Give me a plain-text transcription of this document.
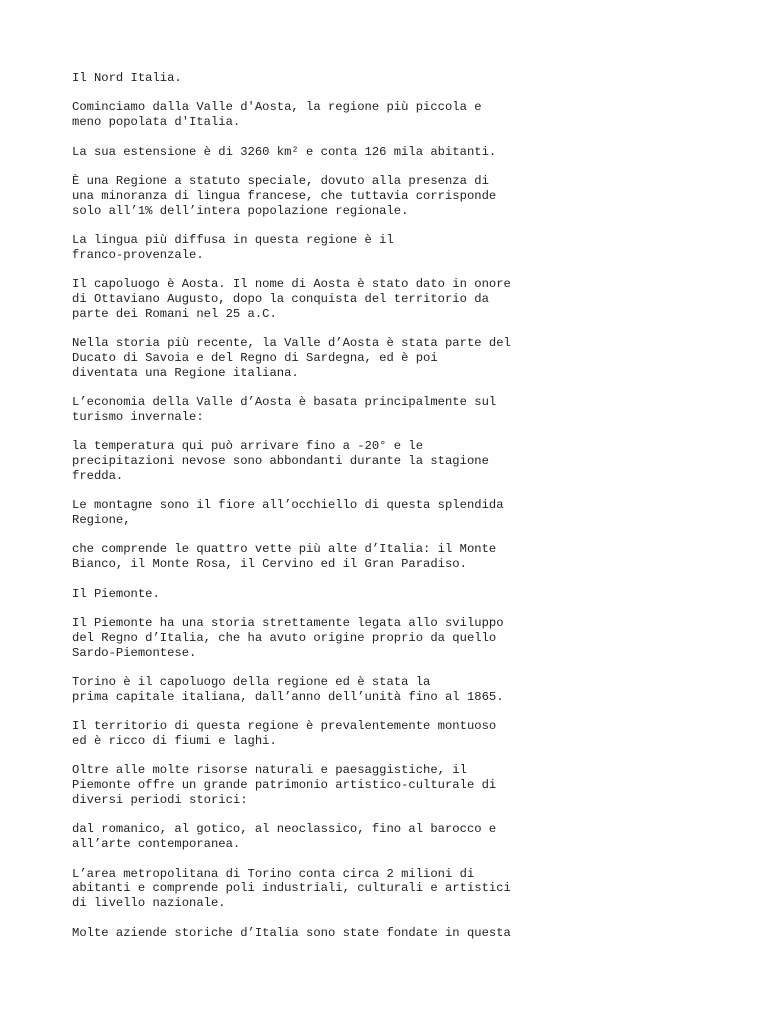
Il Nord Italia.

Cominciamo dalla Valle d'Aosta, la regione più piccola e
meno popolata d'Italia.

La sua estensione è di 3260 km² e conta 126 mila abitanti.

È una Regione a statuto speciale, dovuto alla presenza di
una minoranza di lingua francese, che tuttavia corrisponde
solo all’1% dell’intera popolazione regionale.

La lingua più diffusa in questa regione è il
franco-provenzale.

Il capoluogo è Aosta. Il nome di Aosta è stato dato in onore
di Ottaviano Augusto, dopo la conquista del territorio da
parte dei Romani nel 25 a.C.

Nella storia più recente, la Valle d’Aosta è stata parte del
Ducato di Savoia e del Regno di Sardegna, ed è poi
diventata una Regione italiana.

L’economia della Valle d’Aosta è basata principalmente sul
turismo invernale:

la temperatura qui può arrivare fino a -20° e le
precipitazioni nevose sono abbondanti durante la stagione
fredda.

Le montagne sono il fiore all’occhiello di questa splendida
Regione,

che comprende le quattro vette più alte d’Italia: il Monte
Bianco, il Monte Rosa, il Cervino ed il Gran Paradiso.

Il Piemonte.

Il Piemonte ha una storia strettamente legata allo sviluppo
del Regno d’Italia, che ha avuto origine proprio da quello
Sardo-Piemontese.

Torino è il capoluogo della regione ed è stata la
prima capitale italiana, dall’anno dell’unità fino al 1865.

Il territorio di questa regione è prevalentemente montuoso
ed è ricco di fiumi e laghi.

Oltre alle molte risorse naturali e paesaggistiche, il
Piemonte offre un grande patrimonio artistico-culturale di
diversi periodi storici:

dal romanico, al gotico, al neoclassico, fino al barocco e
all’arte contemporanea.

L’area metropolitana di Torino conta circa 2 milioni di
abitanti e comprende poli industriali, culturali e artistici
di livello nazionale.

Molte aziende storiche d’Italia sono state fondate in questa
